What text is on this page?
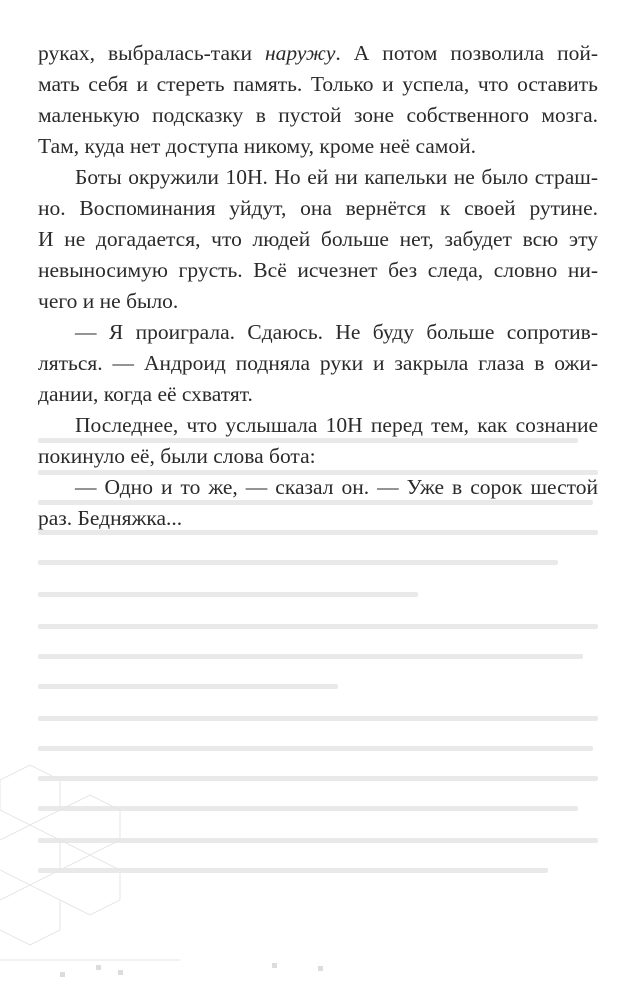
руках, выбралась-таки наружу. А потом позволила пой-
мать себя и стереть память. Только и успела, что оставить
маленькую подсказку в пустой зоне собственного мозга.
Там, куда нет доступа никому, кроме неё самой.

Боты окружили 10H. Но ей ни капельки не было страш-
но. Воспоминания уйдут, она вернётся к своей рутине.
И не догадается, что людей больше нет, забудет всю эту
невыносимую грусть. Всё исчезнет без следа, словно ни-
чего и не было.

— Я проиграла. Сдаюсь. Не буду больше сопротив-
ляться. — Андроид подняла руки и закрыла глаза в ожи-
дании, когда её схватят.

Последнее, что услышала 10H перед тем, как сознание
покинуло её, были слова бота:

— Одно и то же, — сказал он. — Уже в сорок шестой
раз. Бедняжка...
